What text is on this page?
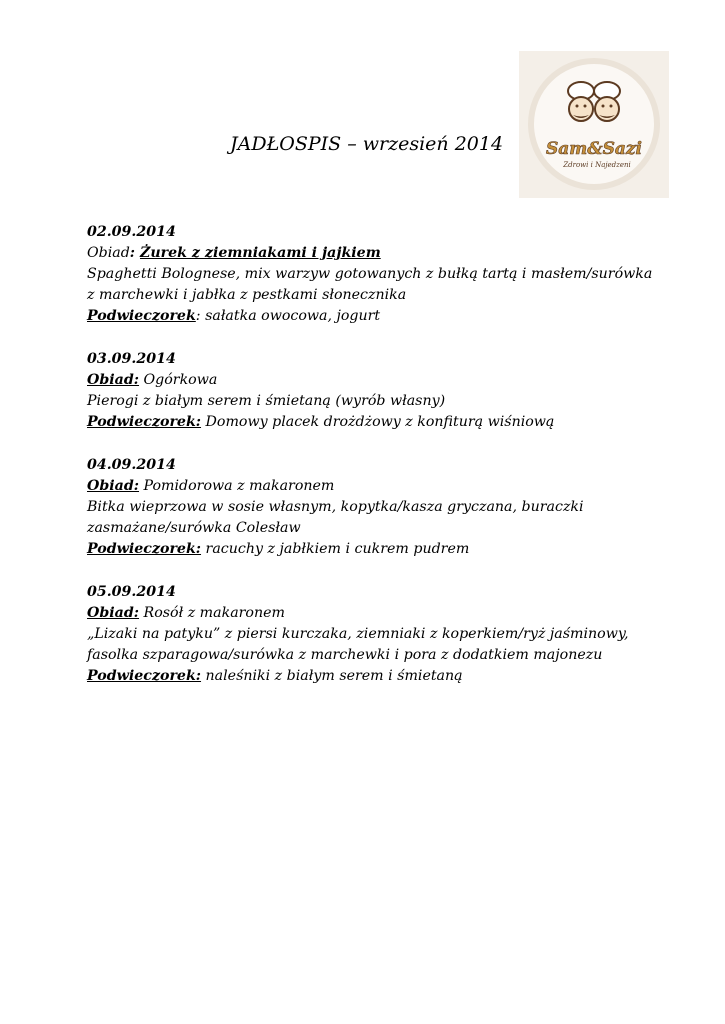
JADŁOSPIS – wrzesień 2014	Sam&Sazi
Zdrowi i Najedzeni

02.09.2014

Obiad: Żurek z ziemniakami i jajkiem

Spaghetti Bolognese, mix warzyw gotowanych z bułką tartą i masłem/surówka

z marchewki i jabłka z pestkami słonecznika

Podwieczorek: sałatka owocowa, jogurt

03.09.2014

Obiad: Ogórkowa

Pierogi z białym serem i śmietaną (wyrób własny)

Podwieczorek: Domowy placek drożdżowy z konfiturą wiśniową

04.09.2014

Obiad: Pomidorowa z makaronem

Bitka wieprzowa w sosie własnym, kopytka/kasza gryczana, buraczki

zasmażane/surówka Colesław

Podwieczorek: racuchy z jabłkiem i cukrem pudrem

05.09.2014

Obiad: Rosół z makaronem

„Lizaki na patyku” z piersi kurczaka, ziemniaki z koperkiem/ryż jaśminowy,

fasolka szparagowa/surówka z marchewki i pora z dodatkiem majonezu

Podwieczorek: naleśniki z białym serem i śmietaną
